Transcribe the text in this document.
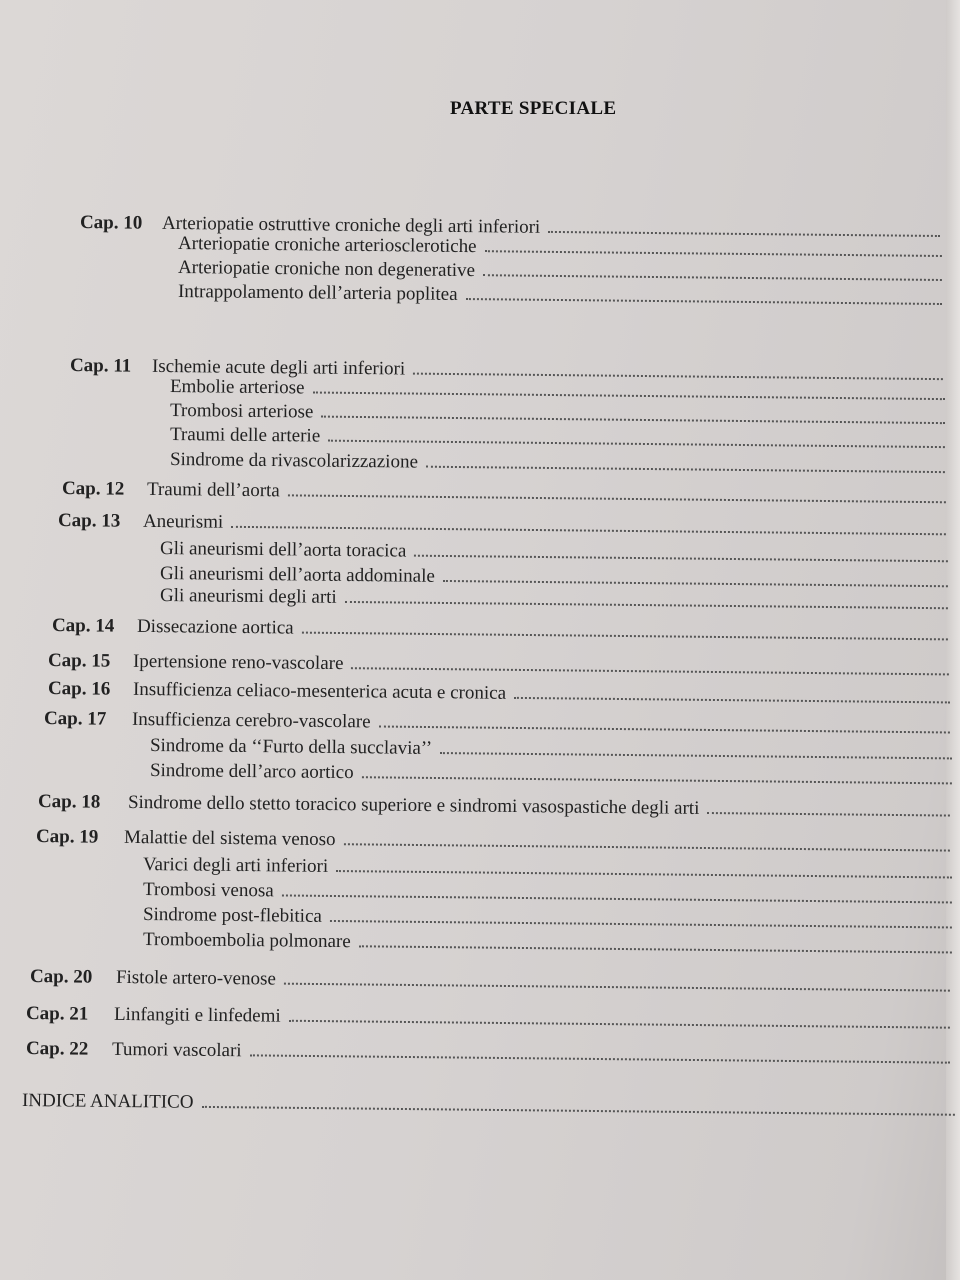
PARTE SPECIALE
Cap. 10	Arteriopatie ostruttive croniche degli arti inferiori
Arteriopatie croniche arteriosclerotiche
Arteriopatie croniche non degenerative
Intrappolamento dell’arteria poplitea
Cap. 11	Ischemie acute degli arti inferiori
Embolie arteriose
Trombosi arteriose
Traumi delle arterie
Sindrome da rivascolarizzazione
Cap. 12	Traumi dell’aorta
Cap. 13	Aneurismi
Gli aneurismi dell’aorta toracica
Gli aneurismi dell’aorta addominale
Gli aneurismi degli arti
Cap. 14	Dissecazione aortica
Cap. 15	Ipertensione reno-vascolare
Cap. 16	Insufficienza celiaco-mesenterica acuta e cronica
Cap. 17	Insufficienza cerebro-vascolare
Sindrome da ‘‘Furto della succlavia’’
Sindrome dell’arco aortico
Cap. 18	Sindrome dello stetto toracico superiore e sindromi vasospastiche degli arti
Cap. 19	Malattie del sistema venoso
Varici degli arti inferiori
Trombosi venosa
Sindrome post-flebitica
Tromboembolia polmonare
Cap. 20	Fistole artero-venose
Cap. 21	Linfangiti e linfedemi
Cap. 22	Tumori vascolari
INDICE ANALITICO
